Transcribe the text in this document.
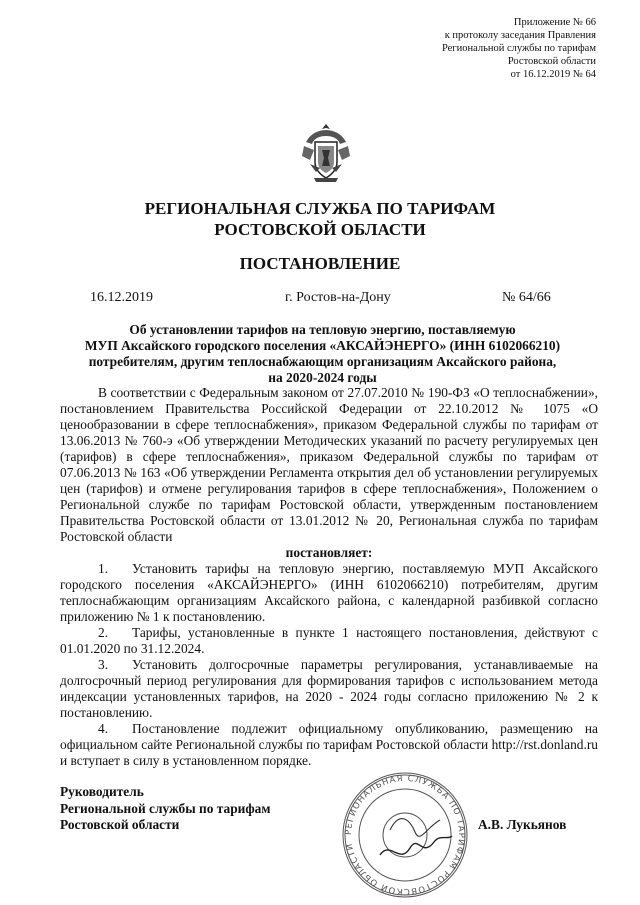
Приложение № 66
к протоколу заседания Правления
Региональной службы по тарифам
Ростовской области
от 16.12.2019 № 64
РЕГИОНАЛЬНАЯ СЛУЖБА ПО ТАРИФАМ
РОСТОВСКОЙ ОБЛАСТИ
ПОСТАНОВЛЕНИЕ
16.12.2019	г. Ростов-на-Дону	№ 64/66
Об установлении тарифов на тепловую энергию, поставляемую
МУП Аксайского городского поселения «АКСАЙЭНЕРГО» (ИНН 6102066210)
потребителям, другим теплоснабжающим организациям Аксайского района,
на 2020-2024 годы

В соответствии с Федеральным законом от 27.07.2010 № 190-ФЗ «О теплоснабжении», постановлением Правительства Российской Федерации от 22.10.2012 № 1075 «О ценообразовании в сфере теплоснабжения», приказом Федеральной службы по тарифам от 13.06.2013 № 760-э «Об утверждении Методических указаний по расчету регулируемых цен (тарифов) в сфере теплоснабжения», приказом Федеральной службы по тарифам от 07.06.2013 № 163 «Об утверждении Регламента открытия дел об установлении регулируемых цен (тарифов) и отмене регулирования тарифов в сфере теплоснабжения», Положением о Региональной службе по тарифам Ростовской области, утвержденным постановлением Правительства Ростовской области от 13.01.2012 № 20, Региональная служба по тарифам Ростовской области

постановляет:

1. Установить тарифы на тепловую энергию, поставляемую МУП Аксайского городского поселения «АКСАЙЭНЕРГО» (ИНН 6102066210) потребителям, другим теплоснабжающим организациям Аксайского района, с календарной разбивкой согласно приложению № 1 к постановлению.

2. Тарифы, установленные в пункте 1 настоящего постановления, действуют с 01.01.2020 по 31.12.2024.

3. Установить долгосрочные параметры регулирования, устанавливаемые на долгосрочный период регулирования для формирования тарифов с использованием метода индексации установленных тарифов, на 2020 - 2024 годы согласно приложению № 2 к постановлению.

4. Постановление подлежит официальному опубликованию, размещению на официальном сайте Региональной службы по тарифам Ростовской области http://rst.donland.ru и вступает в силу в установленном порядке.

Руководитель
Региональной службы по тарифам
Ростовской области	РЕГИОНАЛЬНАЯ СЛУЖБА ПО ТАРИФАМ РОСТОВСКОЙ ОБЛАСТИ
А.В. Лукьянов
